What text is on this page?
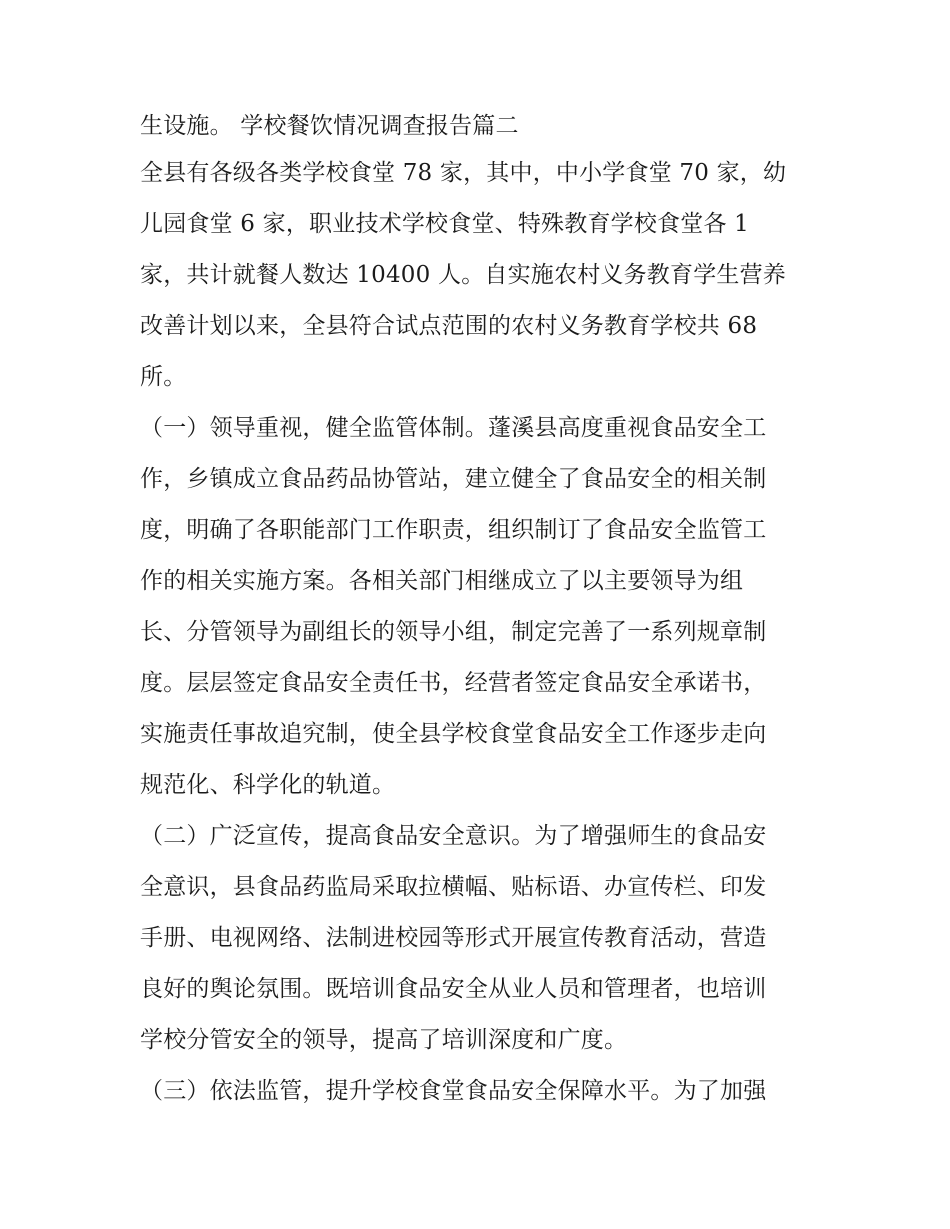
生设施。 学校餐饮情况调查报告篇二
全县有各级各类学校食堂 78 家，其中，中小学食堂 70 家，幼
儿园食堂 6 家，职业技术学校食堂、特殊教育学校食堂各 1
家，共计就餐人数达 10400 人。自实施农村义务教育学生营养
改善计划以来，全县符合试点范围的农村义务教育学校共 68
所。
（一）领导重视，健全监管体制。蓬溪县高度重视食品安全工
作，乡镇成立食品药品协管站，建立健全了食品安全的相关制
度，明确了各职能部门工作职责，组织制订了食品安全监管工
作的相关实施方案。各相关部门相继成立了以主要领导为组
长、分管领导为副组长的领导小组，制定完善了一系列规章制
度。层层签定食品安全责任书，经营者签定食品安全承诺书，
实施责任事故追究制，使全县学校食堂食品安全工作逐步走向
规范化、科学化的轨道。
（二）广泛宣传，提高食品安全意识。为了增强师生的食品安
全意识，县食品药监局采取拉横幅、贴标语、办宣传栏、印发
手册、电视网络、法制进校园等形式开展宣传教育活动，营造
良好的舆论氛围。既培训食品安全从业人员和管理者，也培训
学校分管安全的领导，提高了培训深度和广度。
（三）依法监管，提升学校食堂食品安全保障水平。为了加强
